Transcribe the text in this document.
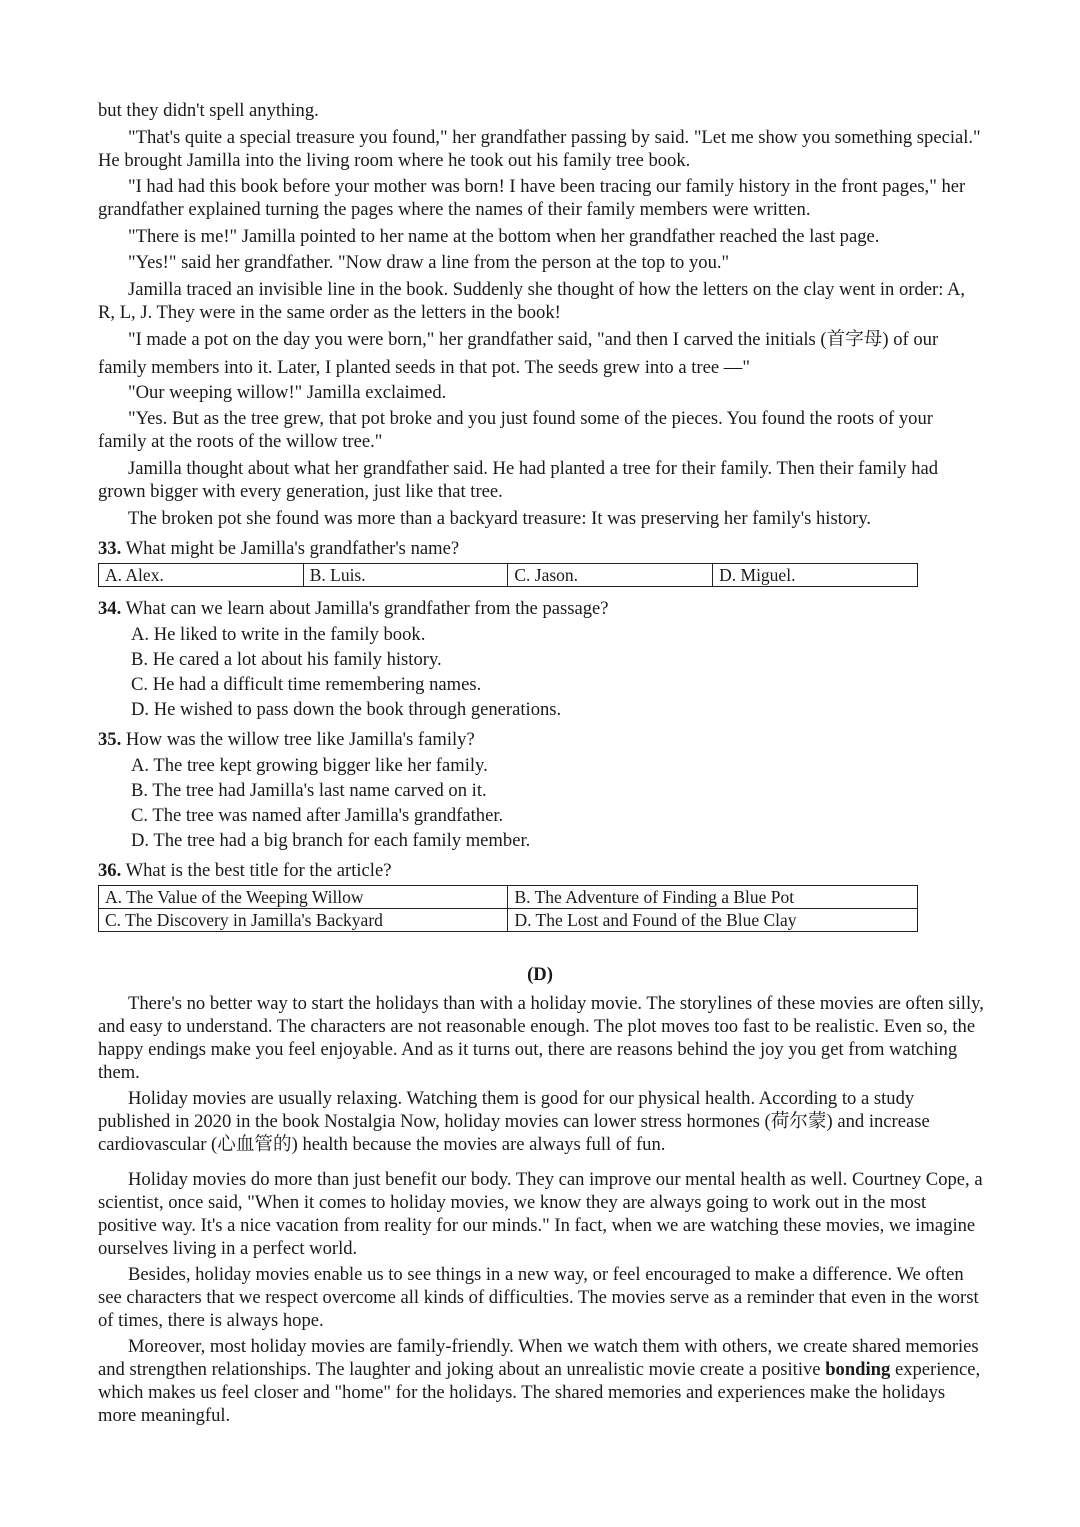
but they didn't spell anything.

"That's quite a special treasure you found," her grandfather passing by said. "Let me show you something special." He brought Jamilla into the living room where he took out his family tree book.

"I had had this book before your mother was born! I have been tracing our family history in the front pages," her grandfather explained turning the pages where the names of their family members were written.

"There is me!" Jamilla pointed to her name at the bottom when her grandfather reached the last page.

"Yes!" said her grandfather. "Now draw a line from the person at the top to you."

Jamilla traced an invisible line in the book. Suddenly she thought of how the letters on the clay went in order: A, R, L, J. They were in the same order as the letters in the book!

"I made a pot on the day you were born," her grandfather said, "and then I carved the initials (首字母) of our family members into it. Later, I planted seeds in that pot. The seeds grew into a tree —"

"Our weeping willow!" Jamilla exclaimed.

"Yes. But as the tree grew, that pot broke and you just found some of the pieces. You found the roots of your family at the roots of the willow tree."

Jamilla thought about what her grandfather said. He had planted a tree for their family. Then their family had grown bigger with every generation, just like that tree.

The broken pot she found was more than a backyard treasure: It was preserving her family's history.

33. What might be Jamilla's grandfather's name?

A. Alex.	B. Luis.	C. Jason.	D. Miguel.

34. What can we learn about Jamilla's grandfather from the passage?

A. He liked to write in the family book.

B. He cared a lot about his family history.

C. He had a difficult time remembering names.

D. He wished to pass down the book through generations.

35. How was the willow tree like Jamilla's family?

A. The tree kept growing bigger like her family.

B. The tree had Jamilla's last name carved on it.

C. The tree was named after Jamilla's grandfather.

D. The tree had a big branch for each family member.

36. What is the best title for the article?

A. The Value of the Weeping Willow	B. The Adventure of Finding a Blue Pot
C. The Discovery in Jamilla's Backyard	D. The Lost and Found of the Blue Clay

(D)

There's no better way to start the holidays than with a holiday movie. The storylines of these movies are often silly, and easy to understand. The characters are not reasonable enough. The plot moves too fast to be realistic. Even so, the happy endings make you feel enjoyable. And as it turns out, there are reasons behind the joy you get from watching them.

Holiday movies are usually relaxing. Watching them is good for our physical health. According to a study published in 2020 in the book Nostalgia Now, holiday movies can lower stress hormones (荷尔蒙) and increase cardiovascular (心血管的) health because the movies are always full of fun.

Holiday movies do more than just benefit our body. They can improve our mental health as well. Courtney Cope, a scientist, once said, "When it comes to holiday movies, we know they are always going to work out in the most positive way. It's a nice vacation from reality for our minds." In fact, when we are watching these movies, we imagine ourselves living in a perfect world.

Besides, holiday movies enable us to see things in a new way, or feel encouraged to make a difference. We often see characters that we respect overcome all kinds of difficulties. The movies serve as a reminder that even in the worst of times, there is always hope.

Moreover, most holiday movies are family-friendly. When we watch them with others, we create shared memories and strengthen relationships. The laughter and joking about an unrealistic movie create a positive bonding experience, which makes us feel closer and "home" for the holidays. The shared memories and experiences make the holidays more meaningful.
